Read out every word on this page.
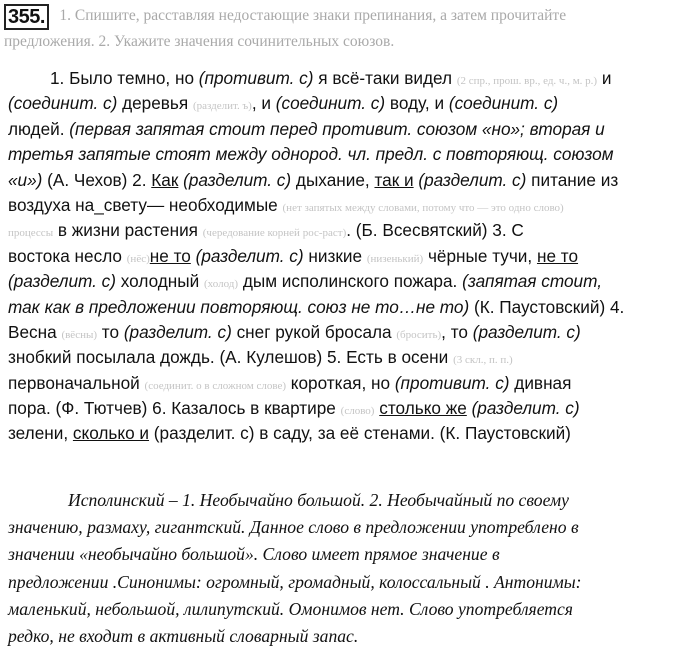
355. 1. Спишите, расставляя недостающие знаки препинания, а затем прочитайте
предложения. 2. Укажите значения сочинительных союзов.
1. Было темно, но (противит. с) я всё-таки видел (2 спр., прош. вр., ед. ч., м. р.) и
(соединит. с) деревья (разделит. ъ), и (соединит. с) воду, и (соединит. с)
людей. (первая запятая стоит перед противит. союзом «но»; вторая и
третья запятые стоят между однород. чл. предл. с повторяющ. союзом
«и») (А. Чехов) 2. Как (разделит. с) дыхание, так и (разделит. с) питание из
воздуха на_свету— необходимые (нет запятых между словами, потому что — это одно слово)
процессы в жизни растения (чередование корней рос-раст). (Б. Всесвятский) 3. С
востока несло (нёс)не то (разделит. с) низкие (низенький) чёрные тучи, не то
(разделит. с) холодный (холод) дым исполинского пожара. (запятая стоит,
так как в предложении повторяющ. союз не то…не то) (К. Паустовский) 4.
Весна (вёсны) то (разделит. с) снег рукой бросала (бросить), то (разделит. с)
знобкий посылала дождь. (А. Кулешов) 5. Есть в осени (3 скл., п. п.)
первоначальной (соединит. о в сложном слове) короткая, но (противит. с) дивная
пора. (Ф. Тютчев) 6. Казалось в квартире (слово) столько же (разделит. с)
зелени, сколько и (разделит. с) в саду, за её стенами. (К. Паустовский)
Исполинский – 1. Необычайно большой. 2. Необычайный по своему
значению, размаху, гигантский. Данное слово в предложении употреблено в
значении «необычайно большой». Слово имеет прямое значение в
предложении .Синонимы: огромный, громадный, колоссальный . Антонимы:
маленький, небольшой, лилипутский. Омонимов нет. Слово употребляется
редко, не входит в активный словарный запас.
